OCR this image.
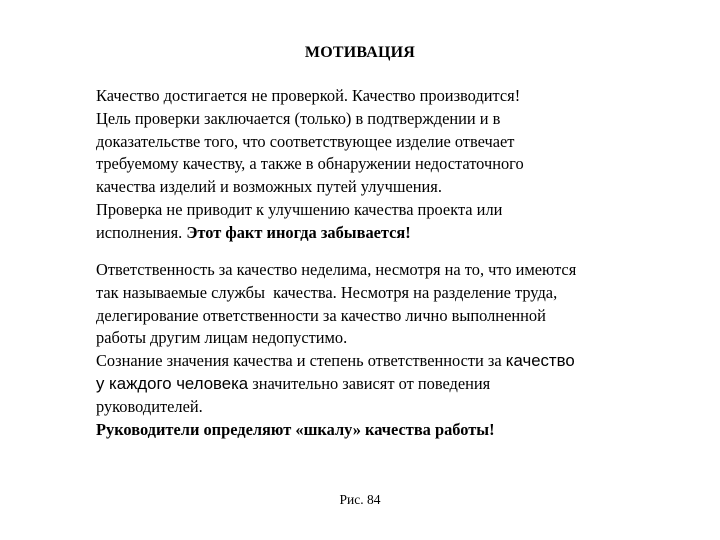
МОТИВАЦИЯ
Качество достигается не проверкой. Качество производится!
Цель проверки заключается (только) в подтверждении и в
доказательстве того, что соответствующее изделие отвечает
требуемому качеству, а также в обнаружении недостаточного
качества изделий и возможных путей улучшения.
Проверка не приводит к улучшению качества проекта или
исполнения. Этот факт иногда забывается!
Ответственность за качество неделима, несмотря на то, что имеются
так называемые службы  качества. Несмотря на разделение труда,
делегирование ответственности за качество лично выполненной
работы другим лицам недопустимо.
Сознание значения качества и степень ответственности за качество
у каждого человека значительно зависят от поведения
руководителей.
Руководители определяют «шкалу» качества работы!

Рис. 84
